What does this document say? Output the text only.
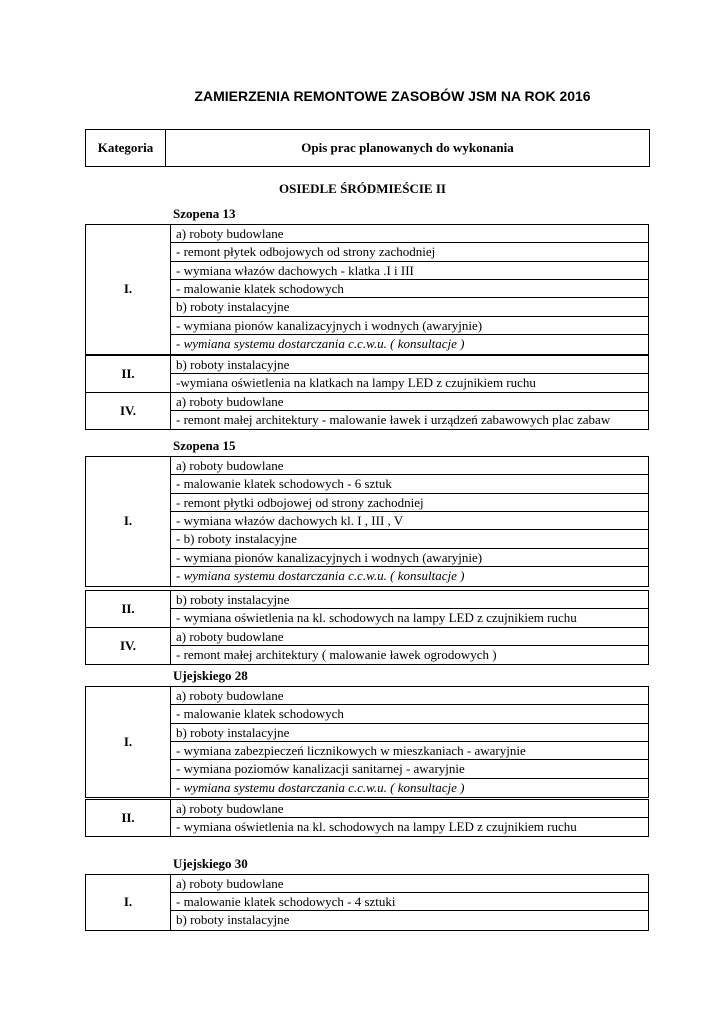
ZAMIERZENIA REMONTOWE ZASOBÓW JSM NA ROK 2016
Kategoria	Opis prac planowanych do wykonania
OSIEDLE ŚRÓDMIEŚCIE II
Szopena 13
I.
a) roboty budowlane
- remont płytek odbojowych od strony zachodniej
- wymiana włazów dachowych - klatka .I i III
- malowanie klatek schodowych
b) roboty instalacyjne
- wymiana pionów kanalizacyjnych i wodnych (awaryjnie)
- wymiana systemu dostarczania c.c.w.u. ( konsultacje )
II.
b) roboty instalacyjne
-wymiana oświetlenia na klatkach na lampy LED z czujnikiem ruchu
IV.
a) roboty budowlane
- remont małej architektury - malowanie ławek i urządzeń zabawowych plac zabaw
Szopena 15
I.
a) roboty budowlane
- malowanie klatek schodowych - 6 sztuk
- remont płytki odbojowej od strony zachodniej
- wymiana włazów dachowych kl. I , III , V
- b) roboty instalacyjne
- wymiana pionów kanalizacyjnych i wodnych (awaryjnie)
- wymiana systemu dostarczania c.c.w.u. ( konsultacje )
II.
b) roboty instalacyjne
- wymiana oświetlenia na kl. schodowych na lampy LED z czujnikiem ruchu
IV.
a) roboty budowlane
- remont małej architektury ( malowanie ławek ogrodowych )
Ujejskiego 28
I.
a) roboty budowlane
- malowanie klatek schodowych
b) roboty instalacyjne
- wymiana zabezpieczeń licznikowych w mieszkaniach - awaryjnie
- wymiana poziomów kanalizacji sanitarnej - awaryjnie
- wymiana systemu dostarczania c.c.w.u. ( konsultacje )
II.
a) roboty budowlane
- wymiana oświetlenia na kl. schodowych na lampy LED z czujnikiem ruchu
Ujejskiego 30
I.
a) roboty budowlane
- malowanie klatek schodowych - 4 sztuki
b) roboty instalacyjne
